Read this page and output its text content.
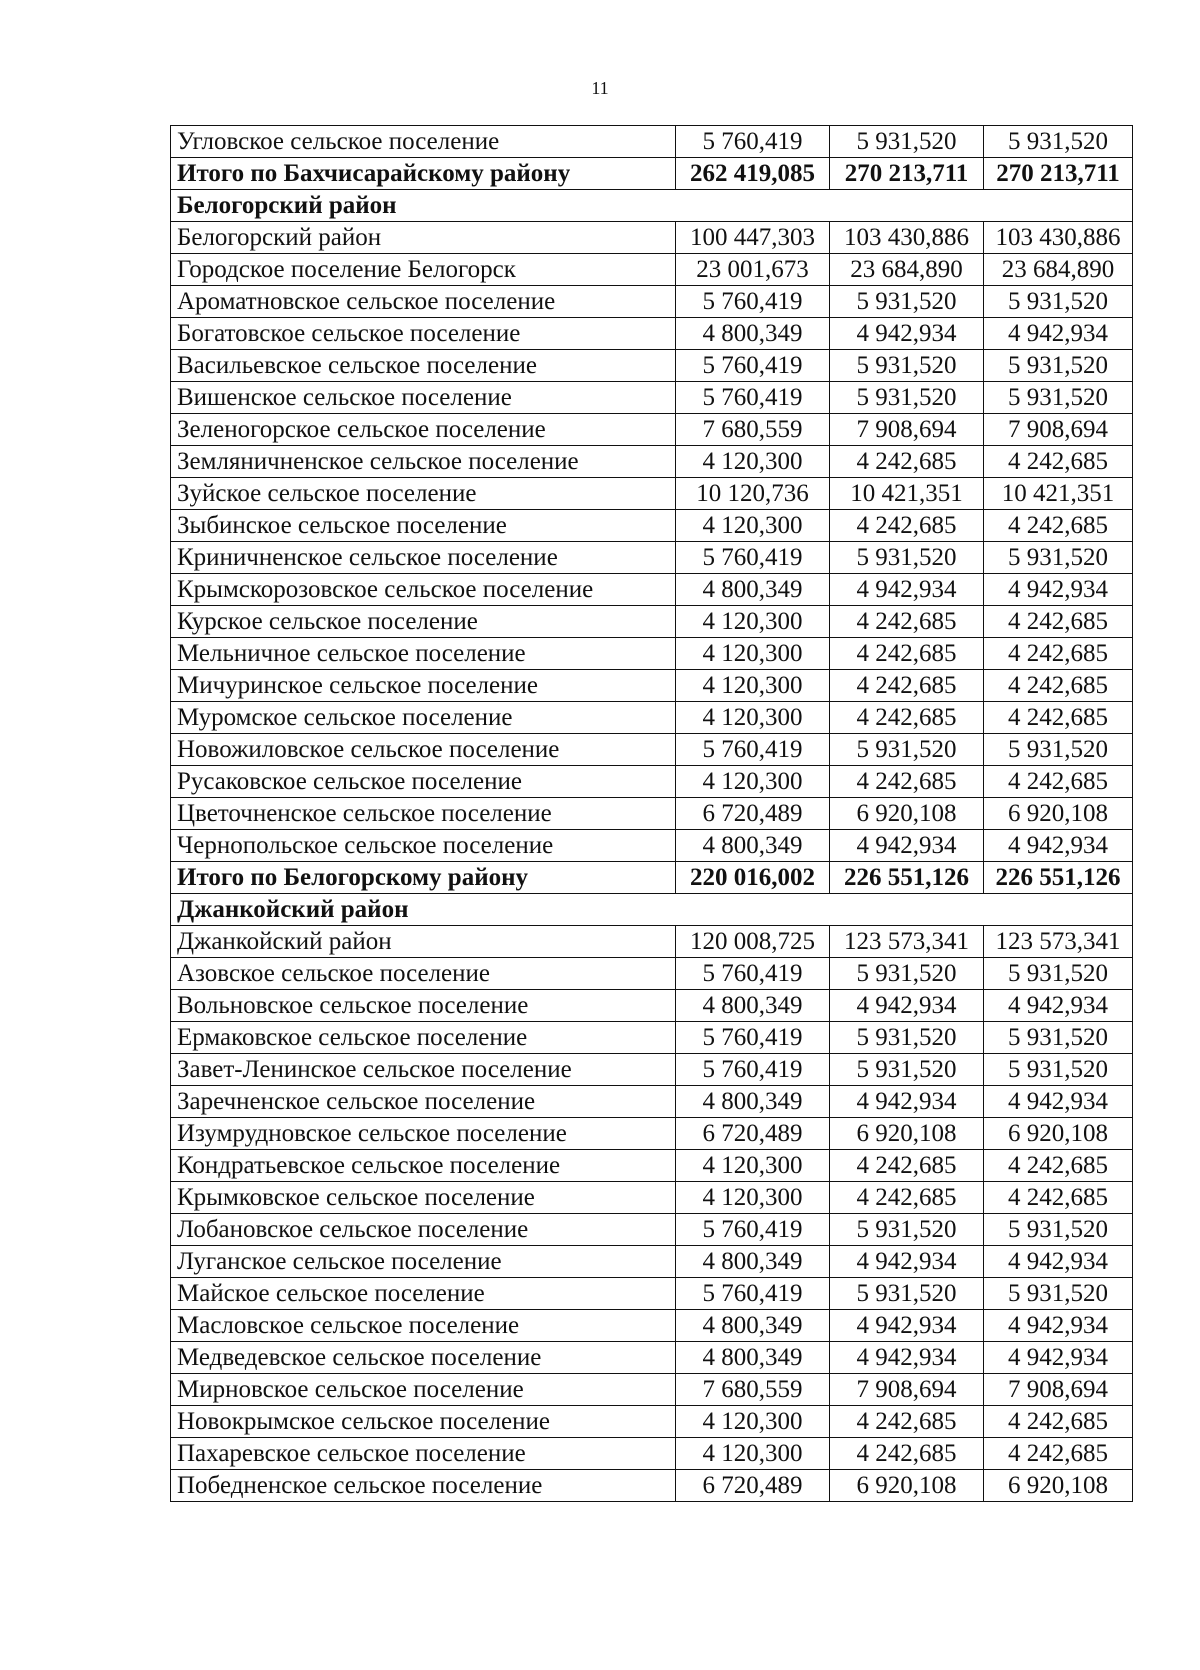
11
Угловское сельское поселение	5 760,419	5 931,520	5 931,520
Итого по Бахчисарайскому району	262 419,085	270 213,711	270 213,711
Белогорский район			
Белогорский район	100 447,303	103 430,886	103 430,886
Городское поселение Белогорск	23 001,673	23 684,890	23 684,890
Ароматновское сельское поселение	5 760,419	5 931,520	5 931,520
Богатовское сельское поселение	4 800,349	4 942,934	4 942,934
Васильевское сельское поселение	5 760,419	5 931,520	5 931,520
Вишенское сельское поселение	5 760,419	5 931,520	5 931,520
Зеленогорское сельское поселение	7 680,559	7 908,694	7 908,694
Земляничненское сельское поселение	4 120,300	4 242,685	4 242,685
Зуйское сельское поселение	10 120,736	10 421,351	10 421,351
Зыбинское сельское поселение	4 120,300	4 242,685	4 242,685
Криничненское сельское поселение	5 760,419	5 931,520	5 931,520
Крымскорозовское сельское поселение	4 800,349	4 942,934	4 942,934
Курское сельское поселение	4 120,300	4 242,685	4 242,685
Мельничное сельское поселение	4 120,300	4 242,685	4 242,685
Мичуринское сельское поселение	4 120,300	4 242,685	4 242,685
Муромское сельское поселение	4 120,300	4 242,685	4 242,685
Новожиловское сельское поселение	5 760,419	5 931,520	5 931,520
Русаковское сельское поселение	4 120,300	4 242,685	4 242,685
Цветочненское сельское поселение	6 720,489	6 920,108	6 920,108
Чернопольское сельское поселение	4 800,349	4 942,934	4 942,934
Итого по Белогорскому району	220 016,002	226 551,126	226 551,126
Джанкойский район			
Джанкойский район	120 008,725	123 573,341	123 573,341
Азовское сельское поселение	5 760,419	5 931,520	5 931,520
Вольновское сельское поселение	4 800,349	4 942,934	4 942,934
Ермаковское сельское поселение	5 760,419	5 931,520	5 931,520
Завет-Ленинское сельское поселение	5 760,419	5 931,520	5 931,520
Заречненское сельское поселение	4 800,349	4 942,934	4 942,934
Изумрудновское сельское поселение	6 720,489	6 920,108	6 920,108
Кондратьевское сельское поселение	4 120,300	4 242,685	4 242,685
Крымковское сельское поселение	4 120,300	4 242,685	4 242,685
Лобановское сельское поселение	5 760,419	5 931,520	5 931,520
Луганское сельское поселение	4 800,349	4 942,934	4 942,934
Майское сельское поселение	5 760,419	5 931,520	5 931,520
Масловское сельское поселение	4 800,349	4 942,934	4 942,934
Медведевское сельское поселение	4 800,349	4 942,934	4 942,934
Мирновское сельское поселение	7 680,559	7 908,694	7 908,694
Новокрымское сельское поселение	4 120,300	4 242,685	4 242,685
Пахаревское сельское поселение	4 120,300	4 242,685	4 242,685
Победненское сельское поселение	6 720,489	6 920,108	6 920,108
